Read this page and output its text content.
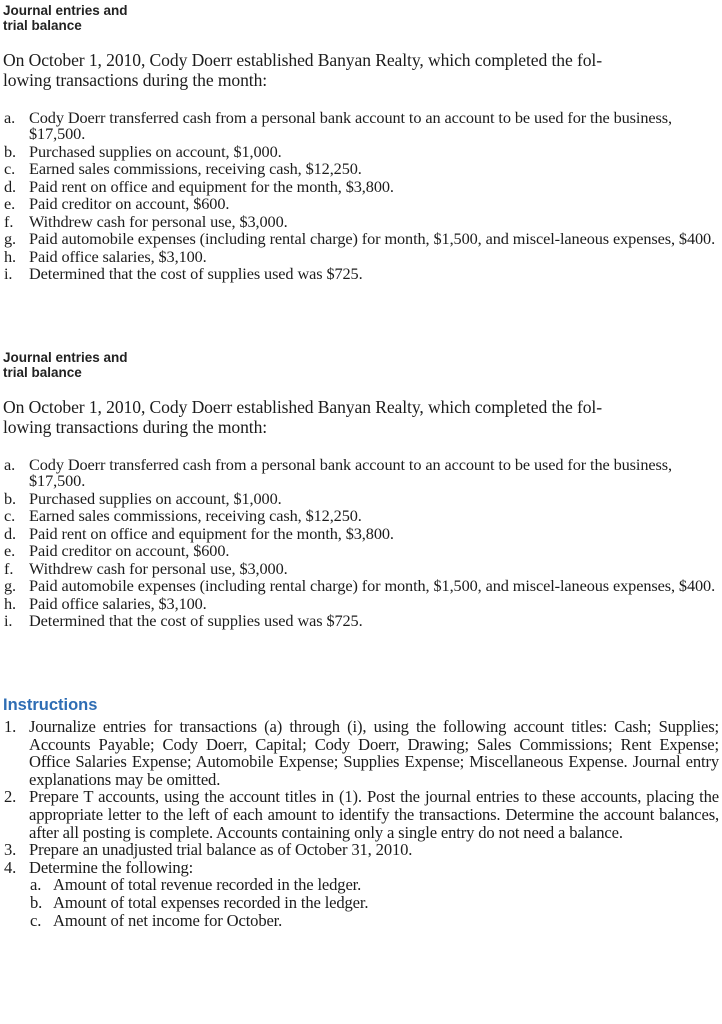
Journal entries and
trial balance
On October 1, 2010, Cody Doerr established Banyan Realty, which completed the fol-
lowing transactions during the month:
a. Cody Doerr transferred cash from a personal bank account to an account to be used for the business, $17,500.
b. Purchased supplies on account, $1,000.
c. Earned sales commissions, receiving cash, $12,250.
d. Paid rent on office and equipment for the month, $3,800.
e. Paid creditor on account, $600.
f. Withdrew cash for personal use, $3,000.
g. Paid automobile expenses (including rental charge) for month, $1,500, and miscel-laneous expenses, $400.
h. Paid office salaries, $3,100.
i. Determined that the cost of supplies used was $725.
Journal entries and
trial balance
On October 1, 2010, Cody Doerr established Banyan Realty, which completed the fol-
lowing transactions during the month:
a. Cody Doerr transferred cash from a personal bank account to an account to be used for the business, $17,500.
b. Purchased supplies on account, $1,000.
c. Earned sales commissions, receiving cash, $12,250.
d. Paid rent on office and equipment for the month, $3,800.
e. Paid creditor on account, $600.
f. Withdrew cash for personal use, $3,000.
g. Paid automobile expenses (including rental charge) for month, $1,500, and miscel-laneous expenses, $400.
h. Paid office salaries, $3,100.
i. Determined that the cost of supplies used was $725.
Instructions
1. Journalize entries for transactions (a) through (i), using the following account titles: Cash; Supplies; Accounts Payable; Cody Doerr, Capital; Cody Doerr, Drawing; Sales Commissions; Rent Expense; Office Salaries Expense; Automobile Expense; Supplies Expense; Miscellaneous Expense. Journal entry explanations may be omitted.
2. Prepare T accounts, using the account titles in (1). Post the journal entries to these accounts, placing the appropriate letter to the left of each amount to identify the transactions. Determine the account balances, after all posting is complete. Accounts containing only a single entry do not need a balance.
3. Prepare an unadjusted trial balance as of October 31, 2010.
4. Determine the following:
a. Amount of total revenue recorded in the ledger.
b. Amount of total expenses recorded in the ledger.
c. Amount of net income for October.
